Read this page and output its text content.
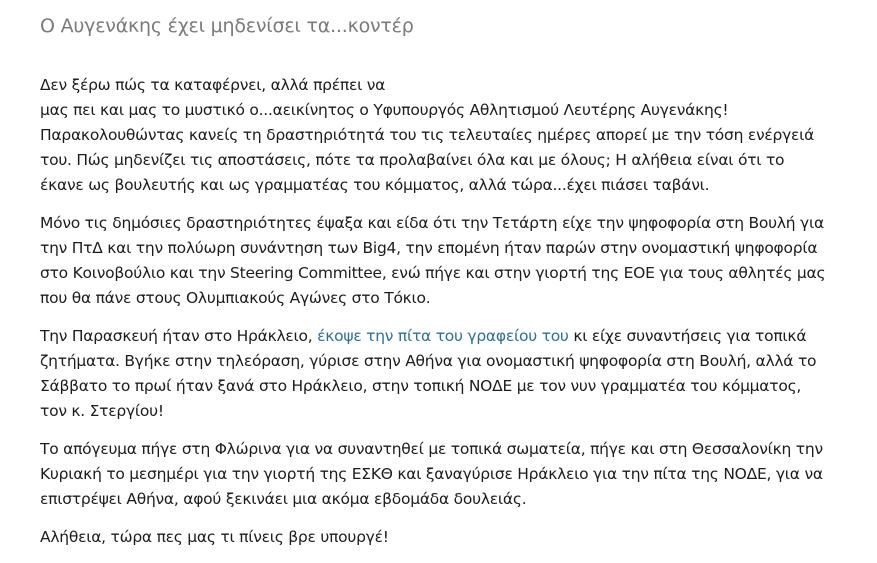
Ο Αυγενάκης έχει μηδενίσει τα...κοντέρ

Δεν ξέρω πώς τα καταφέρνει, αλλά πρέπει να
μας πει και μας το μυστικό ο...αεικίνητος ο Υφυπουργός Αθλητισμού Λευτέρης Αυγενάκης! Παρακολουθώντας κανείς τη δραστηριότητά του τις τελευταίες ημέρες απορεί με την τόση ενέργειά του. Πώς μηδενίζει τις αποστάσεις, πότε τα προλαβαίνει όλα και με όλους; Η αλήθεια είναι ότι το έκανε ως βουλευτής και ως γραμματέας του κόμματος, αλλά τώρα...έχει πιάσει ταβάνι.

Μόνο τις δημόσιες δραστηριότητες έψαξα και είδα ότι την Τετάρτη είχε την ψηφοφορία στη Βουλή για την ΠτΔ και την πολύωρη συνάντηση των Big4, την επομένη ήταν παρών στην ονομαστική ψηφοφορία στο Κοινοβούλιο και την Steering Committee, ενώ πήγε και στην γιορτή της ΕΟΕ για τους αθλητές μας που θα πάνε στους Ολυμπιακούς Αγώνες στο Τόκιο.

Την Παρασκευή ήταν στο Ηράκλειο, έκοψε την πίτα του γραφείου του κι είχε συναντήσεις για τοπικά ζητήματα. Βγήκε στην τηλεόραση, γύρισε στην Αθήνα για ονομαστική ψηφοφορία στη Βουλή, αλλά το Σάββατο το πρωί ήταν ξανά στο Ηράκλειο, στην τοπική ΝΟΔΕ με τον νυν γραμματέα του κόμματος, τον κ. Στεργίου!

Το απόγευμα πήγε στη Φλώρινα για να συναντηθεί με τοπικά σωματεία, πήγε και στη Θεσσαλονίκη την Κυριακή το μεσημέρι για την γιορτή της ΕΣΚΘ και ξαναγύρισε Ηράκλειο για την πίτα της ΝΟΔΕ, για να επιστρέψει Αθήνα, αφού ξεκινάει μια ακόμα εβδομάδα δουλειάς.

Αλήθεια, τώρα πες μας τι πίνεις βρε υπουργέ!
